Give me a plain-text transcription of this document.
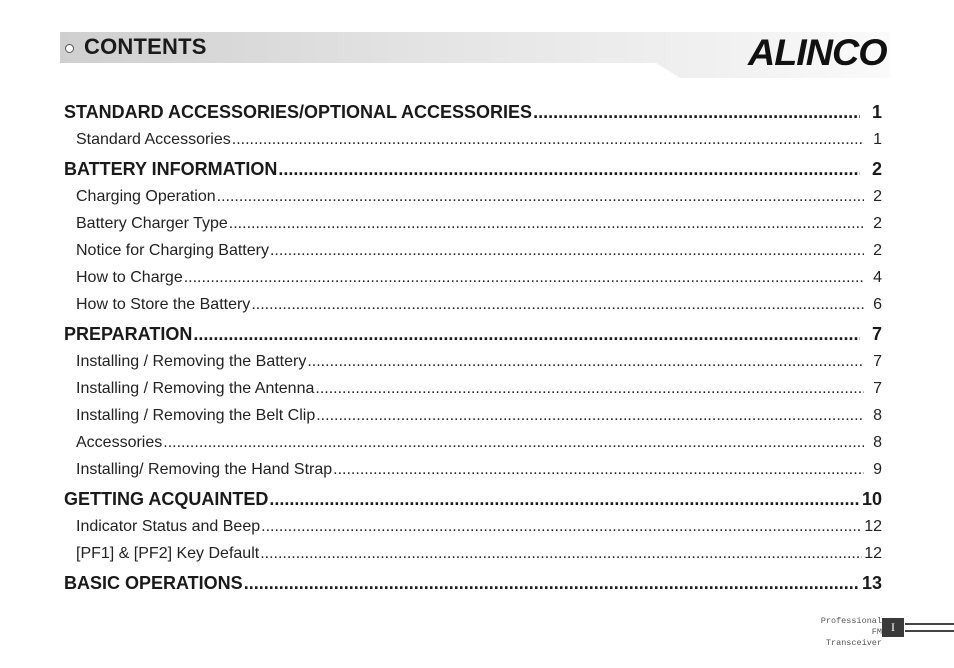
CONTENTS	ALINCO
STANDARD ACCESSORIES/OPTIONAL ACCESSORIES .....	1
Standard Accessories .....	1
BATTERY INFORMATION .....	2
Charging Operation .....	2
Battery Charger Type .....	2
Notice for Charging Battery .....	2
How to Charge .....	4
How to Store the Battery .....	6
PREPARATION .....	7
Installing / Removing the Battery .....	7
Installing / Removing the Antenna .....	7
Installing / Removing the Belt Clip .....	8
Accessories .....	8
Installing/ Removing the Hand Strap .....	9
GETTING ACQUAINTED .....	10
Indicator Status and Beep .....	12
[PF1] & [PF2] Key Default .....	12
BASIC OPERATIONS .....	13
Professional
FM Transceiver
I
